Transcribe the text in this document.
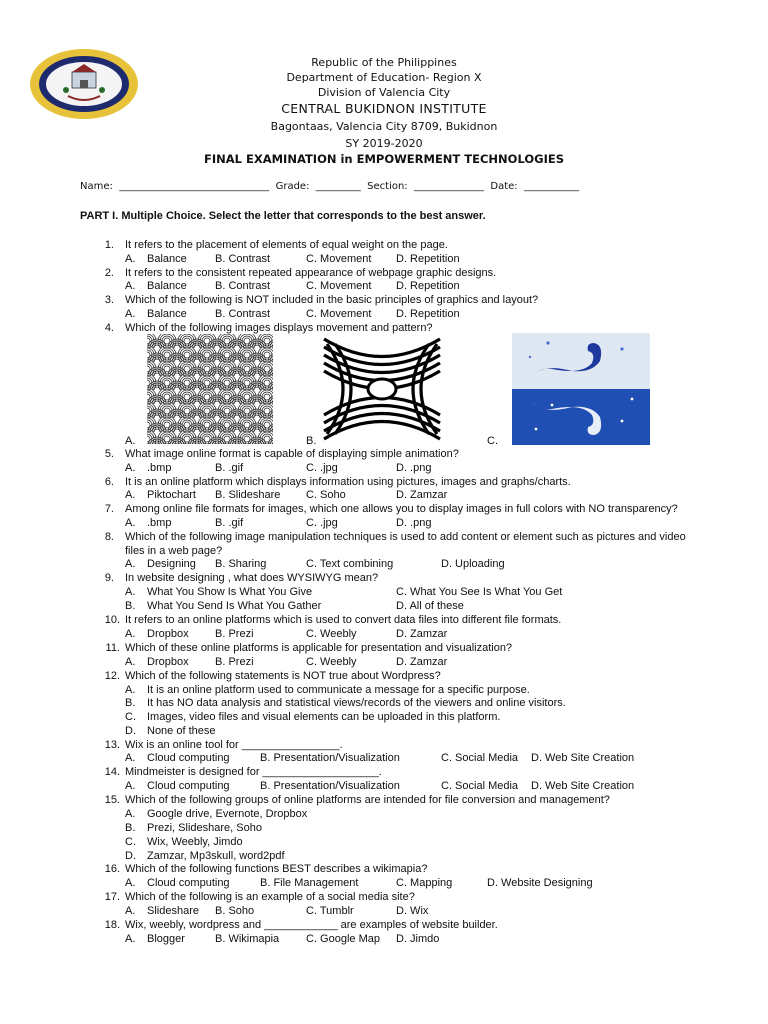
Republic of the Philippines
Department of Education- Region X
Division of Valencia City
CENTRAL BUKIDNON INSTITUTE
Bagontaas, Valencia City 8709, Bukidnon
SY 2019-2020
FINAL EXAMINATION in EMPOWERMENT TECHNOLOGIES
Name:  ______________________________  Grade:  _________  Section:  ______________  Date:  ___________
PART I. Multiple Choice. Select the letter that corresponds to the best answer.
1. It refers to the placement of elements of equal weight on the page.
A. Balance	B. Contrast	C. Movement D. Repetition
2. It refers to the consistent repeated appearance of webpage graphic designs.
A. Balance	B. Contrast	C. Movement D. Repetition
3. Which of the following is NOT included in the basic principles of graphics and layout?
A. Balance	B. Contrast	C. Movement D. Repetition
4. Which of the following images displays movement and pattern?
A.	B.	C.
5. What image online format is capable of displaying simple animation?
A. .bmp	B. .gif	C. .jpg	D. .png
6. It is an online platform which displays information using pictures, images and graphs/charts.
A. Piktochart B. Slideshare C. Soho	D. Zamzar
7. Among online file formats for images, which one allows you to display images in full colors with NO transparency?
A. .bmp	B. .gif	C. .jpg	D. .png
8. Which of the following image manipulation techniques is used to add content or element such as pictures and video
files in a web page?
A. Designing B. Sharing	C. Text combining	D. Uploading
9. In website designing , what does WYSIWYG mean?
A. What You Show Is What You Give	C. What You See Is What You Get
B. What You Send Is What You Gather	D. All of these
10. It refers to an online platforms which is used to convert data files into different file formats.
A. Dropbox B. Prezi	C. Weebly	D. Zamzar
11. Which of these online platforms is applicable for presentation and visualization?
A. Dropbox B. Prezi	C. Weebly	D. Zamzar
12. Which of the following statements is NOT true about Wordpress?
A. It is an online platform used to communicate a message for a specific purpose.
B. It has NO data analysis and statistical views/records of the viewers and online visitors.
C. Images, video files and visual elements can be uploaded in this platform.
D. None of these
13. Wix is an online tool for ________________.
A. Cloud computing	B. Presentation/Visualization	C. Social Media D. Web Site Creation
14. Mindmeister is designed for ___________________.
A. Cloud computing	B. Presentation/Visualization	C. Social Media D. Web Site Creation
15. Which of the following groups of online platforms are intended for file conversion and management?
A. Google drive, Evernote, Dropbox
B. Prezi, Slideshare, Soho
C. Wix, Weebly, Jimdo
D. Zamzar, Mp3skull, word2pdf
16. Which of the following functions BEST describes a wikimapia?
A. Cloud computing	B. File Management	C. Mapping	D. Website Designing
17. Which of the following is an example of a social media site?
A. Slideshare B. Soho	C. Tumblr	D. Wix
18. Wix, weebly, wordpress and ____________ are examples of website builder.
A. Blogger	B. Wikimapia C. Google Map D. Jimdo
